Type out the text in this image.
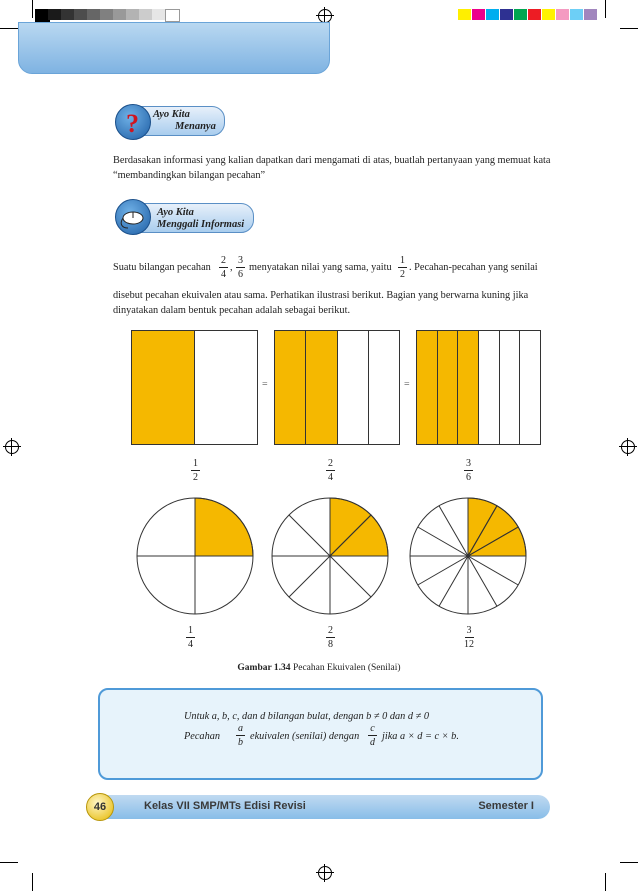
? Ayo Kita
Menanya

Berdasakan informasi yang kalian dapatkan dari mengamati di atas, buatlah pertanyaan yang memuat kata “membandingkan bilangan pecahan”

Ayo Kita
Menggali Informasi
Suatu bilangan pecahan
2
4
,
3
6
menyatakan nilai yang sama, yaitu
1
2
. Pecahan-pecahan yang senilai

disebut pecahan ekuivalen atau sama. Perhatikan ilustrasi berikut. Bagian yang berwarna kuning jika dinyatakan dalam bentuk pecahan adalah sebagai berikut.

=	=
1
2
2
4
3
6
1
4
2
8
3
12
Gambar 1.34 Pecahan Ekuivalen (Senilai)
Untuk a, b, c, dan d bilangan bulat, dengan b ≠ 0 dan d ≠ 0
Pecahan
a
b
ekuivalen (senilai) dengan
c
d
jika a × d = c × b.
46	Kelas VII SMP/MTs Edisi Revisi	Semester I
